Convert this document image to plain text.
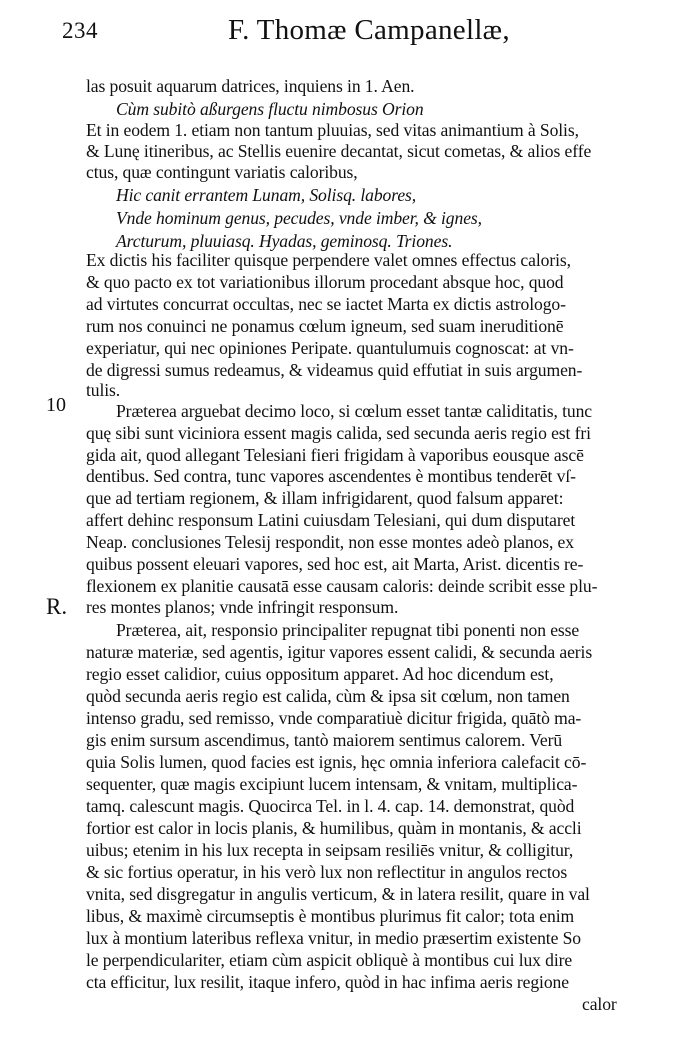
234	F. Thomæ Campanellæ,
10
R.
las posuit aquarum datrices, inquiens in 1. Aen.
Cùm subitò aßurgens fluctu nimbosus Orion
Et in eodem 1. etiam non tantum pluuias, sed vitas animantium à Solis,
& Lunę itineribus, ac Stellis euenire decantat, sicut cometas, & alios effe
ctus, quæ contingunt variatis caloribus,
Hic canit errantem Lunam, Solisq. labores,
Vnde hominum genus, pecudes, vnde imber, & ignes,
Arcturum, pluuiasq. Hyadas, geminosq. Triones.
Ex dictis his faciliter quisque perpendere valet omnes effectus caloris,
& quo pacto ex tot variationibus illorum procedant absque hoc, quod
ad virtutes concurrat occultas, nec se iactet Marta ex dictis astrologo-
rum nos conuinci ne ponamus cœlum igneum, sed suam ineruditionē
experiatur, qui nec opiniones Peripate. quantulumuis cognoscat: at vn-
de digressi sumus redeamus, & videamus quid effutiat in suis argumen-
tulis.
Præterea arguebat decimo loco, si cœlum esset tantæ caliditatis, tunc
quę sibi sunt viciniora essent magis calida, sed secunda aeris regio est fri
gida ait, quod allegant Telesiani fieri frigidam à vaporibus eousque ascē
dentibus. Sed contra, tunc vapores ascendentes è montibus tenderēt vſ-
que ad tertiam regionem, & illam infrigidarent, quod falsum apparet:
affert dehinc responsum Latini cuiusdam Telesiani, qui dum disputaret
Neap. conclusiones Telesij respondit, non esse montes adeò planos, ex
quibus possent eleuari vapores, sed hoc est, ait Marta, Arist. dicentis re-
flexionem ex planitie causatā esse causam caloris: deinde scribit esse plu-
res montes planos; vnde infringit responsum.
Præterea, ait, responsio principaliter repugnat tibi ponenti non esse
naturæ materiæ, sed agentis, igitur vapores essent calidi, & secunda aeris
regio esset calidior, cuius oppositum apparet. Ad hoc dicendum est,
quòd secunda aeris regio est calida, cùm & ipsa sit cœlum, non tamen
intenso gradu, sed remisso, vnde comparatiuè dicitur frigida, quātò ma-
gis enim sursum ascendimus, tantò maiorem sentimus calorem. Verū
quia Solis lumen, quod facies est ignis, hęc omnia inferiora calefacit cō-
sequenter, quæ magis excipiunt lucem intensam, & vnitam, multiplica-
tamq. calescunt magis. Quocirca Tel. in l. 4. cap. 14. demonstrat, quòd
fortior est calor in locis planis, & humilibus, quàm in montanis, & accli
uibus; etenim in his lux recepta in seipsam resiliēs vnitur, & colligitur,
& sic fortius operatur, in his verò lux non reflectitur in angulos rectos
vnita, sed disgregatur in angulis verticum, & in latera resilit, quare in val
libus, & maximè circumseptis è montibus plurimus fit calor; tota enim
lux à montium lateribus reflexa vnitur, in medio præsertim existente So
le perpendiculariter, etiam cùm aspicit obliquè à montibus cui lux dire
cta efficitur, lux resilit, itaque infero, quòd in hac infima aeris regione
calor
